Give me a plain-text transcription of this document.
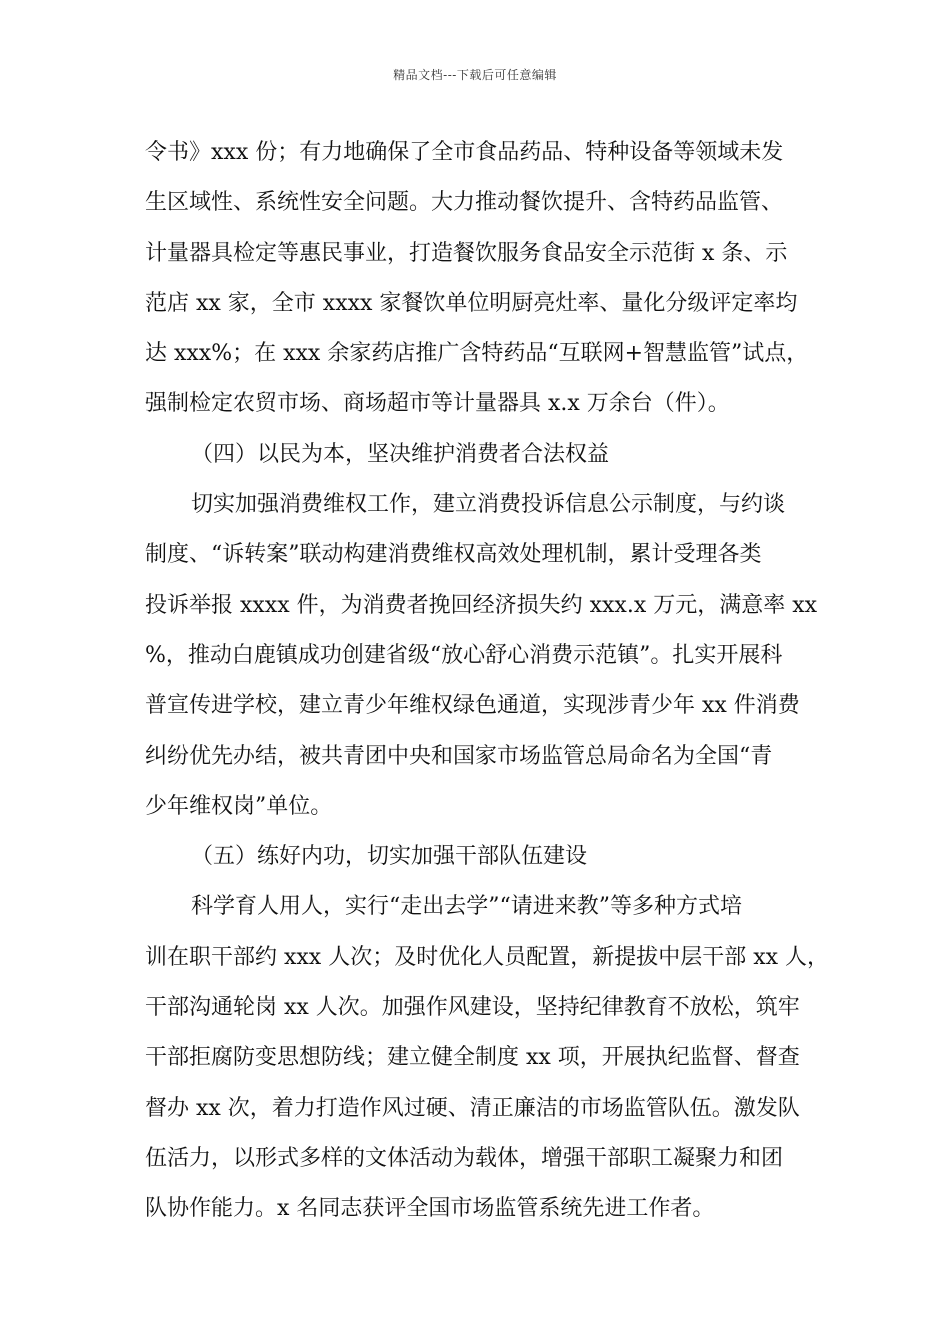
精品文档---下载后可任意编辑
令书》xxx 份；有力地确保了全市食品药品、特种设备等领域未发
生区域性、系统性安全问题。大力推动餐饮提升、含特药品监管、
计量器具检定等惠民事业，打造餐饮服务食品安全示范街 x 条、示
范店 xx 家，全市 xxxx 家餐饮单位明厨亮灶率、量化分级评定率均
达 xxx%；在 xxx 余家药店推广含特药品“互联网+智慧监管”试点，
强制检定农贸市场、商场超市等计量器具 x.x 万余台（件）。
（四）以民为本，坚决维护消费者合法权益
切实加强消费维权工作，建立消费投诉信息公示制度，与约谈
制度、“诉转案”联动构建消费维权高效处理机制，累计受理各类
投诉举报 xxxx 件，为消费者挽回经济损失约 xxx.x 万元，满意率 xx
%，推动白鹿镇成功创建省级“放心舒心消费示范镇”。扎实开展科
普宣传进学校，建立青少年维权绿色通道，实现涉青少年 xx 件消费
纠纷优先办结，被共青团中央和国家市场监管总局命名为全国“青
少年维权岗”单位。
（五）练好内功，切实加强干部队伍建设
科学育人用人，实行“走出去学”“请进来教”等多种方式培
训在职干部约 xxx 人次；及时优化人员配置，新提拔中层干部 xx 人，
干部沟通轮岗 xx 人次。加强作风建设，坚持纪律教育不放松，筑牢
干部拒腐防变思想防线；建立健全制度 xx 项，开展执纪监督、督查
督办 xx 次，着力打造作风过硬、清正廉洁的市场监管队伍。激发队
伍活力，以形式多样的文体活动为载体，增强干部职工凝聚力和团
队协作能力。x 名同志获评全国市场监管系统先进工作者。
